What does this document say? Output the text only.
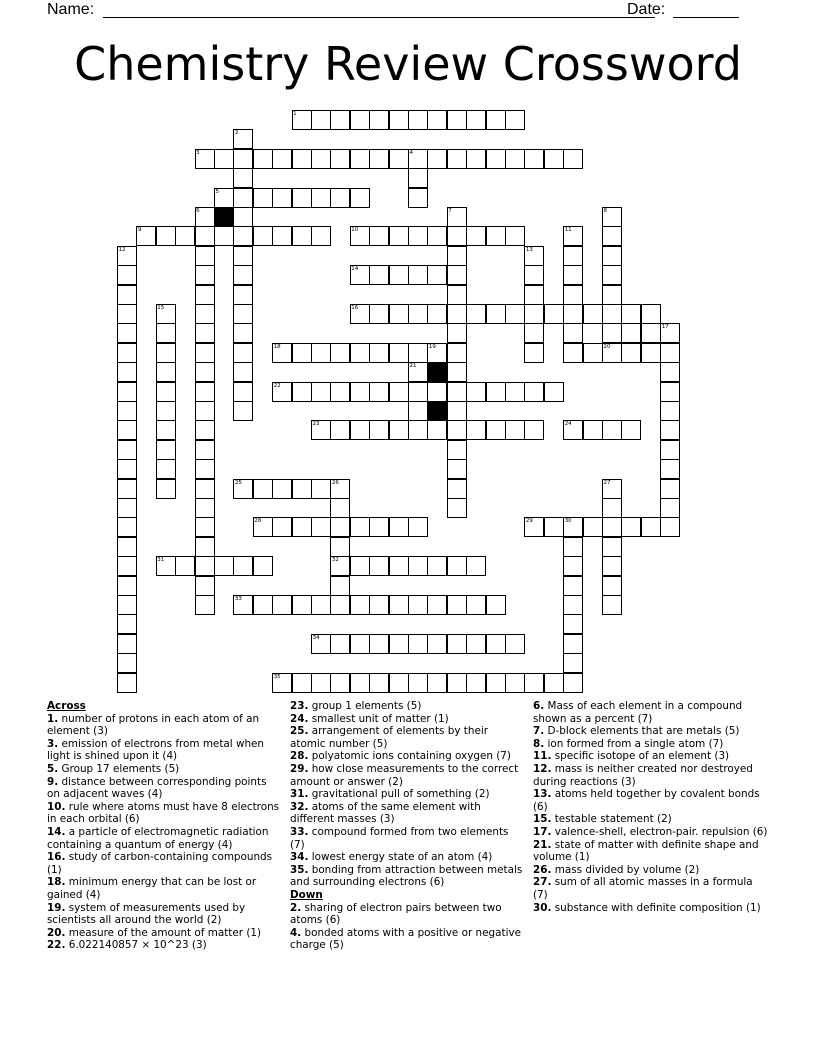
Name:	Date:
Chemistry Review Crossword
1
2
3	4
5
6	7	8
9	10	11
12	13
14
15	16
17
18	19	20
21
22
23	24
25	26	27
28	29	30
31	32
33
34
35
Across

1. number of protons in each atom of an element (3)

3. emission of electrons from metal when light is shined upon it (4)

5. Group 17 elements (5)

9. distance between corresponding points on adjacent waves (4)

10. rule where atoms must have 8 electrons in each orbital (6)

14. a particle of electromagnetic radiation containing a quantum of energy (4)

16. study of carbon-containing compounds (1)

18. minimum energy that can be lost or gained (4)

19. system of measurements used by scientists all around the world (2)

20. measure of the amount of matter (1)

22. 6.022140857 × 10^23 (3)

23. group 1 elements (5)

24. smallest unit of matter (1)

25. arrangement of elements by their atomic number (5)

28. polyatomic ions containing oxygen (7)

29. how close measurements to the correct amount or answer (2)

31. gravitational pull of something (2)

32. atoms of the same element with different masses (3)

33. compound formed from two elements (7)

34. lowest energy state of an atom (4)

35. bonding from attraction between metals and surrounding electrons (6)

Down

2. sharing of electron pairs between two atoms (6)

4. bonded atoms with a positive or negative charge (5)

6. Mass of each element in a compound shown as a percent (7)

7. D-block elements that are metals (5)

8. ion formed from a single atom (7)

11. specific isotope of an element (3)

12. mass is neither created nor destroyed during reactions (3)

13. atoms held together by covalent bonds (6)

15. testable statement (2)

17. valence-shell, electron-pair. repulsion (6)

21. state of matter with definite shape and volume (1)

26. mass divided by volume (2)

27. sum of all atomic masses in a formula (7)

30. substance with definite composition (1)
